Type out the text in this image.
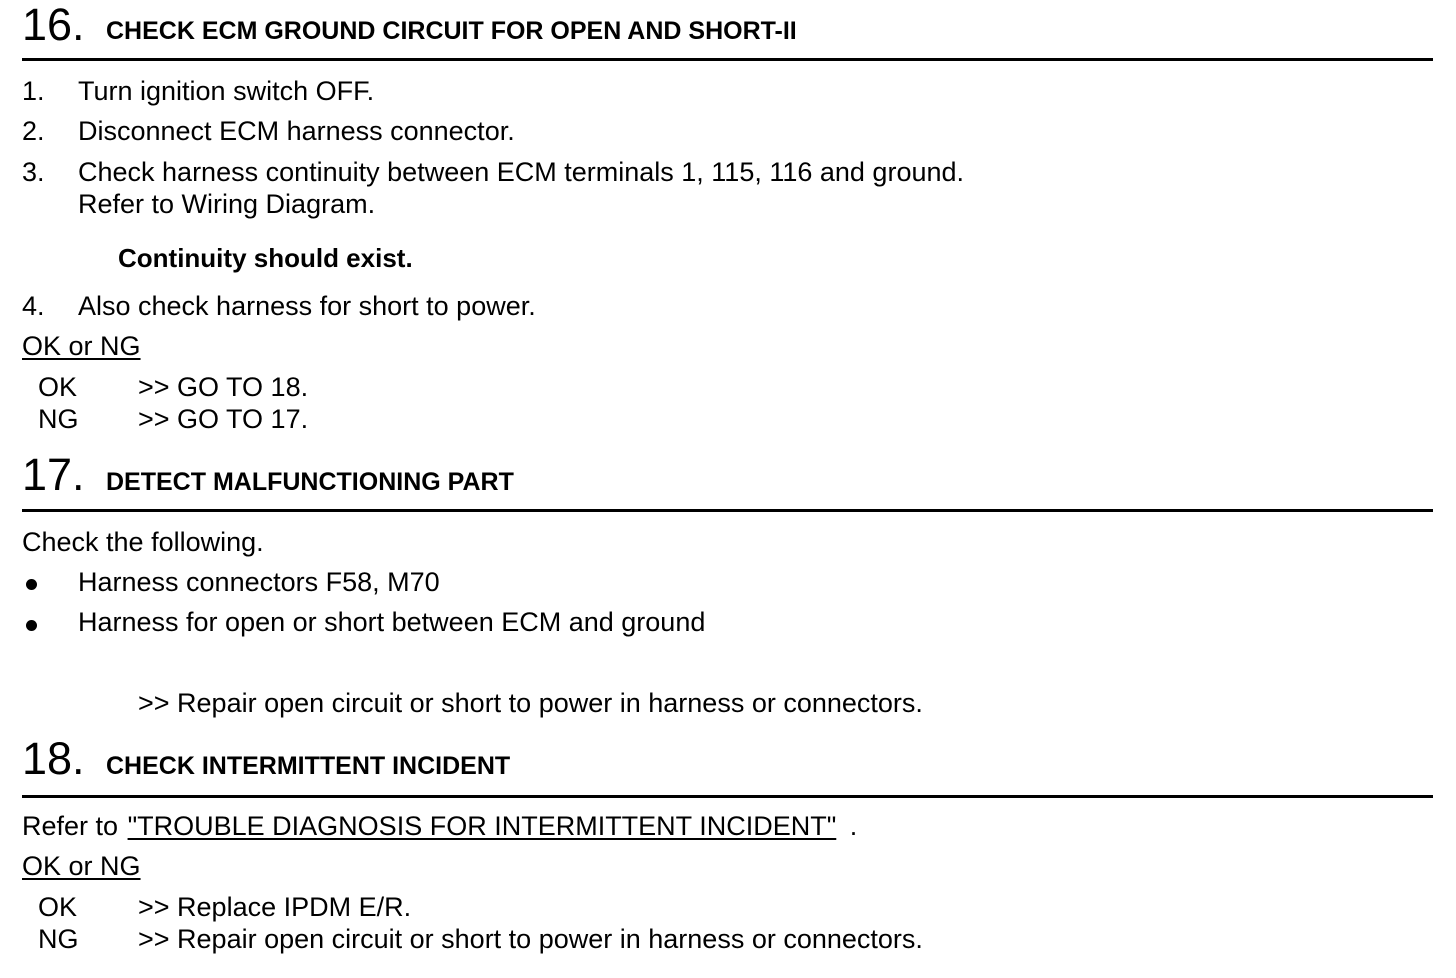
16. CHECK ECM GROUND CIRCUIT FOR OPEN AND SHORT-II
1. Turn ignition switch OFF.
2. Disconnect ECM harness connector.
3. Check harness continuity between ECM terminals 1, 115, 116 and ground.
Refer to Wiring Diagram.
Continuity should exist.
4. Also check harness for short to power.
OK or NG
OK >> GO TO 18.
NG >> GO TO 17.
17. DETECT MALFUNCTIONING PART
Check the following.
Harness connectors F58, M70
Harness for open or short between ECM and ground
>> Repair open circuit or short to power in harness or connectors.
18. CHECK INTERMITTENT INCIDENT
Refer to "TROUBLE DIAGNOSIS FOR INTERMITTENT INCIDENT" .
OK or NG
OK >> Replace IPDM E/R.
NG >> Repair open circuit or short to power in harness or connectors.
